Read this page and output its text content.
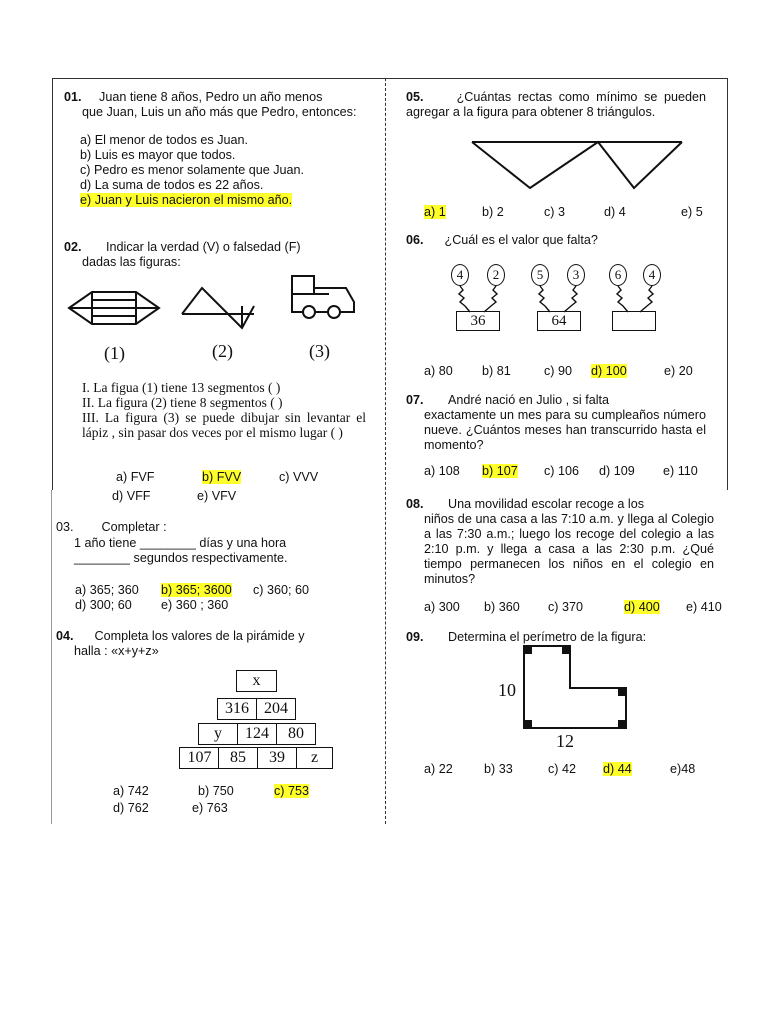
01. Juan tiene 8 años, Pedro un año menos

que Juan, Luis un año más que Pedro, entonces:

a) El menor de todos es Juan.
b) Luis es mayor que todos.
c) Pedro es menor solamente que Juan.
d) La suma de todos es 22 años.
e) Juan y Luis nacieron el mismo año.

02. Indicar la verdad (V) o falsedad (F)

dadas las figuras:

(1)	(2)	(3)
I. La figua (1) tiene 13 segmentos ( )
II. La figura (2) tiene 8 segmentos ( )
III. La figura (3) se puede dibujar sin levantar el lápiz , sin pasar dos veces por el mismo lugar ( )
a) FVF	b) FVV	c) VVV
d) VFF	e) VFV

03. Completar :

1 año tiene ________ días y una hora

________ segundos respectivamente.

a) 365; 360 b) 365; 3600 c) 360; 60
d) 300; 60 e) 360 ; 360

04. Completa los valores de la pirámide y

halla : «x+y+z»

x
316 204
y	124	80
107	85	39	z
a) 742	b) 750	c) 753
d) 762	e) 763

05.	¿Cuántas rectas como mínimo se pueden agregar a la figura para obtener 8 triángulos.

a) 1	b) 2	c) 3	d) 4	e) 5

06. ¿Cuál es el valor que falta?

4	2	5	3	6	4
36	64
a) 80 b) 81	c) 90 d) 100	e) 20

07. André nació en Julio , si falta

exactamente un mes para su cumpleaños número nueve. ¿Cuántos meses han transcurrido hasta el momento?

a) 108 b) 107 c) 106 d) 109 e) 110

08. Una movilidad escolar recoge a los

niños de una casa a las 7:10 a.m. y llega al Colegio a las 7:30 a.m.; luego los recoge del colegio a las 2:10 p.m. y llega a casa a las 2:30 p.m. ¿Qué tiempo permanecen los niños en el colegio en minutos?

a) 300 b) 360 c) 370	d) 400 e) 410

09. Determina el perímetro de la figura:

10
12
a) 22 b) 33	c) 42 d) 44	e)48
